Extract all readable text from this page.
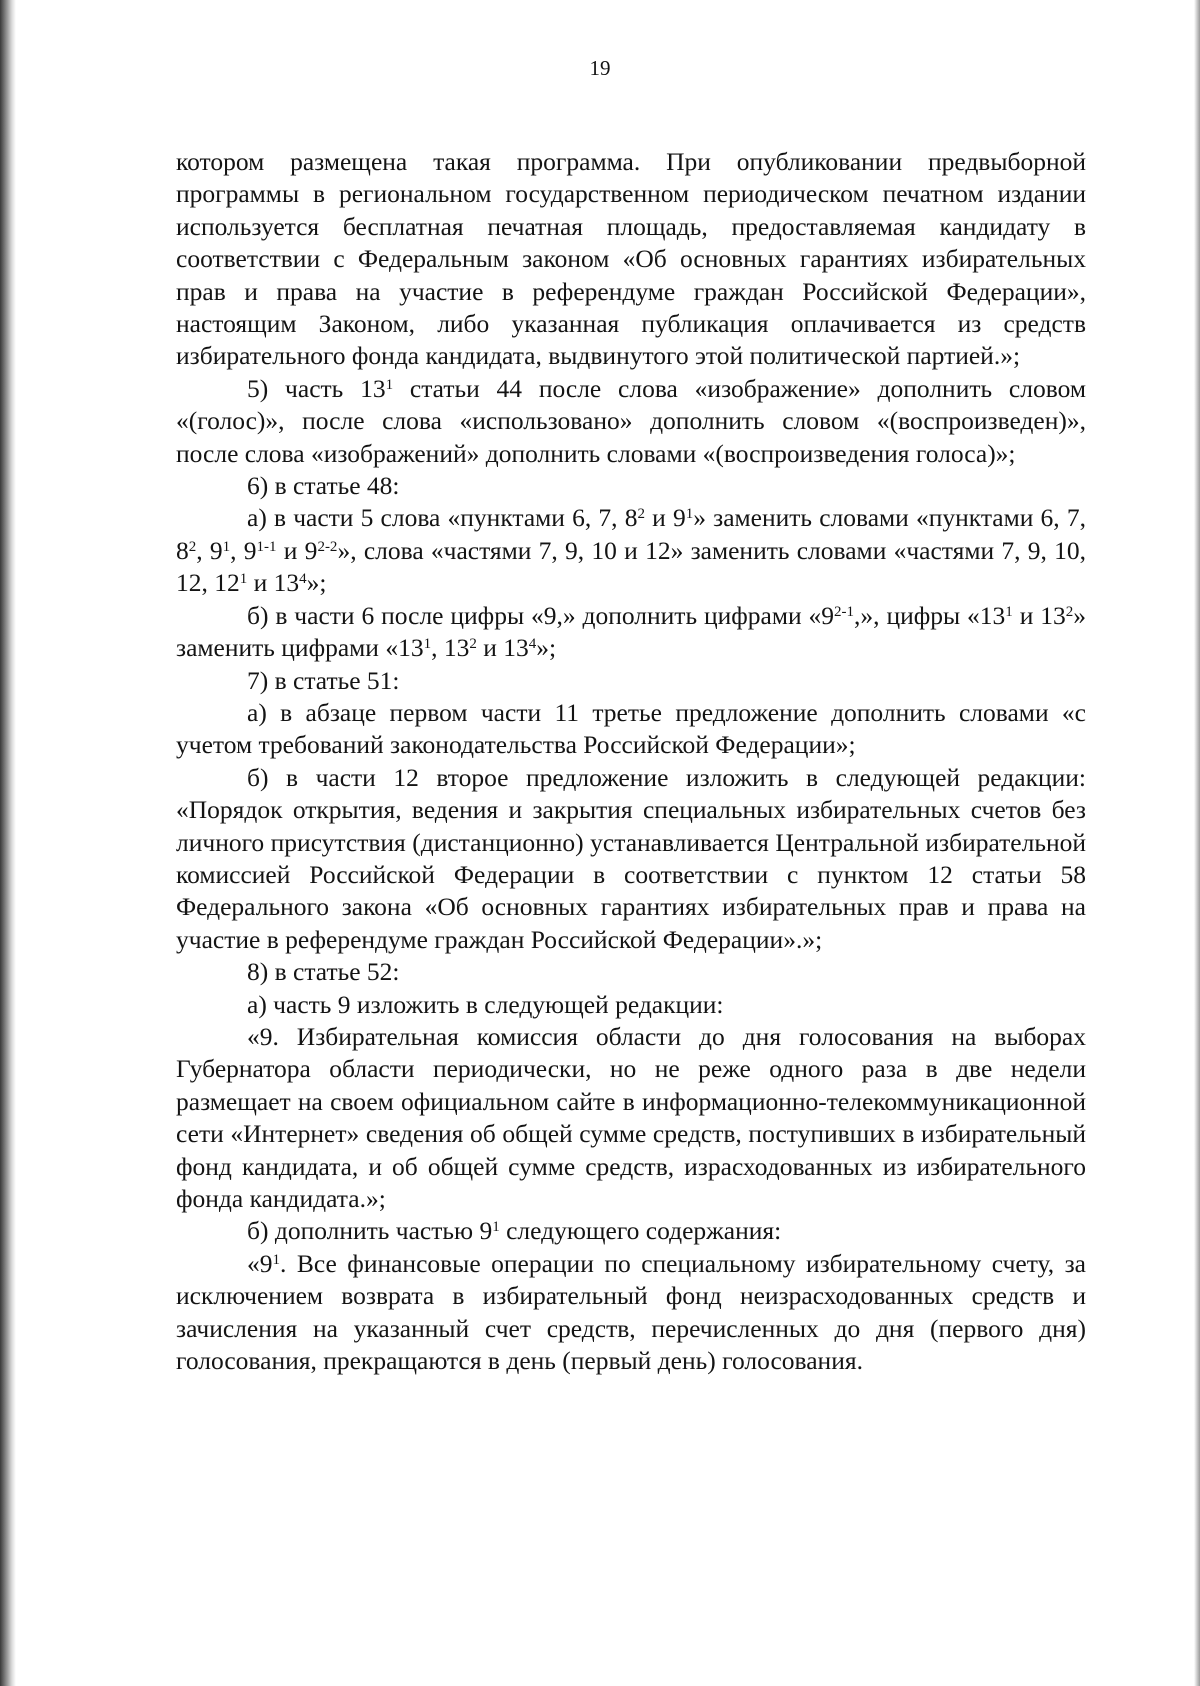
19

котором размещена такая программа. При опубликовании предвыборной программы в региональном государственном периодическом печатном издании используется бесплатная печатная площадь, предоставляемая кандидату в соответствии с Федеральным законом «Об основных гарантиях избирательных прав и права на участие в референдуме граждан Российской Федерации», настоящим Законом, либо указанная публикация оплачивается из средств избирательного фонда кандидата, выдвинутого этой политической партией.»;

5) часть $13^1$ статьи 44 после слова «изображение» дополнить словом «(голос)», после слова «использовано» дополнить словом «(воспроизведен)», после слова «изображений» дополнить словами «(воспроизведения голоса)»;

6) в статье 48:

а) в части 5 слова «пунктами 6, 7, $8^2$ и $9^1$» заменить словами «пунктами 6, 7, $8^2$, $9^1$, 9$^{1-1}$ и 9$^{2-2}$», слова «частями 7, 9, 10 и 12» заменить словами «частями 7, 9, 10, 12, $12^1$ и $13^4$»;

б) в части 6 после цифры «9,» дополнить цифрами «9$^{2-1}$,», цифры «$13^1$ и $13^2$» заменить цифрами «$13^1$, $13^2$ и $13^4$»;

7) в статье 51:

а) в абзаце первом части 11 третье предложение дополнить словами «с учетом требований законодательства Российской Федерации»;

б) в части 12 второе предложение изложить в следующей редакции: «Порядок открытия, ведения и закрытия специальных избирательных счетов без личного присутствия (дистанционно) устанавливается Центральной избирательной комиссией Российской Федерации в соответствии с пунктом 12 статьи 58 Федерального закона «Об основных гарантиях избирательных прав и права на участие в референдуме граждан Российской Федерации».»;

8) в статье 52:

а) часть 9 изложить в следующей редакции:

«9. Избирательная комиссия области до дня голосования на выборах Губернатора области периодически, но не реже одного раза в две недели размещает на своем официальном сайте в информационно-телекоммуникационной сети «Интернет» сведения об общей сумме средств, поступивших в избирательный фонд кандидата, и об общей сумме средств, израсходованных из избирательного фонда кандидата.»;

б) дополнить частью $9^1$ следующего содержания:

«$9^1$. Все финансовые операции по специальному избирательному счету, за исключением возврата в избирательный фонд неизрасходованных средств и зачисления на указанный счет средств, перечисленных до дня (первого дня) голосования, прекращаются в день (первый день) голосования.
